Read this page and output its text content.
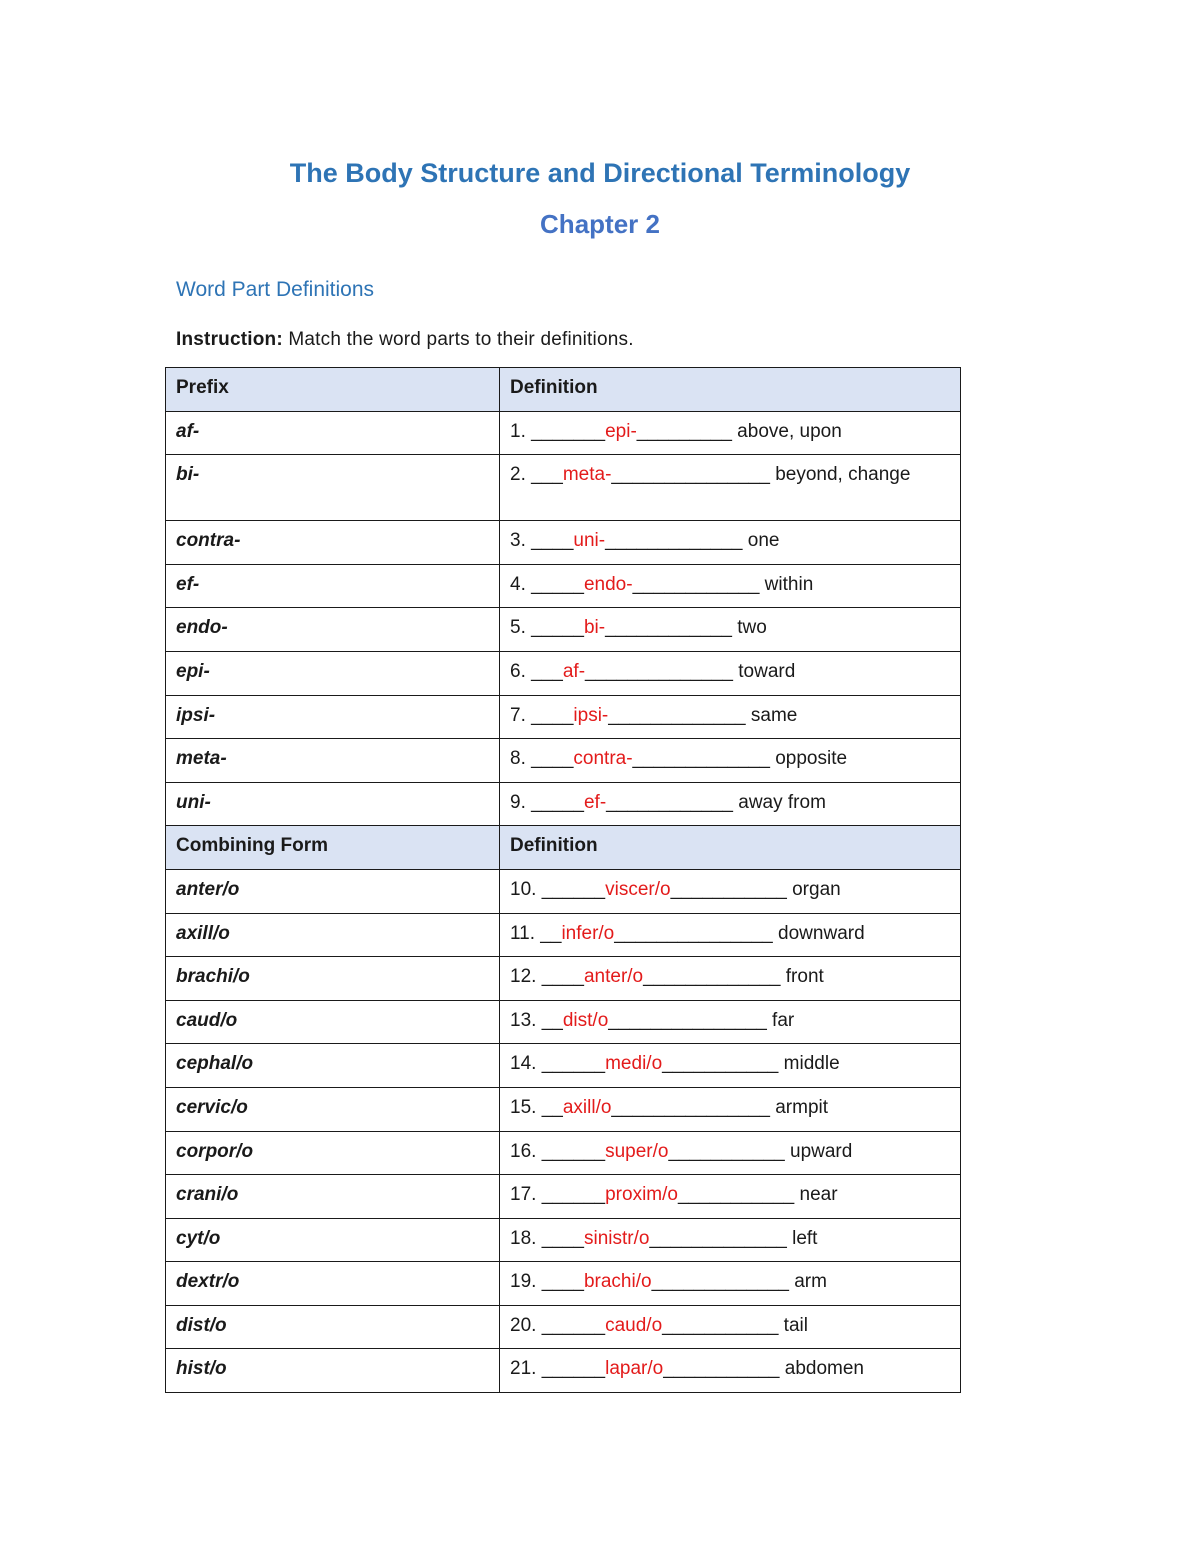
The Body Structure and Directional Terminology
Chapter 2
Word Part Definitions
Instruction: Match the word parts to their definitions.
Prefix	Definition
af-	1. _______epi-_________ above, upon
bi-	2. ___meta-_______________ beyond, change
contra-	3. ____uni-_____________ one
ef-	4. _____endo-____________ within
endo-	5. _____bi-____________ two
epi-	6. ___af-______________ toward
ipsi-	7. ____ipsi-_____________ same
meta-	8. ____contra-_____________ opposite
uni-	9. _____ef-____________ away from
Combining Form	Definition
anter/o	10. ______viscer/o___________ organ
axill/o	11. __infer/o_______________ downward
brachi/o	12. ____anter/o_____________ front
caud/o	13. __dist/o_______________ far
cephal/o	14. ______medi/o___________ middle
cervic/o	15. __axill/o_______________ armpit
corpor/o	16. ______super/o___________ upward
crani/o	17. ______proxim/o___________ near
cyt/o	18. ____sinistr/o_____________ left
dextr/o	19. ____brachi/o_____________ arm
dist/o	20. ______caud/o___________ tail
hist/o	21. ______lapar/o___________ abdomen
